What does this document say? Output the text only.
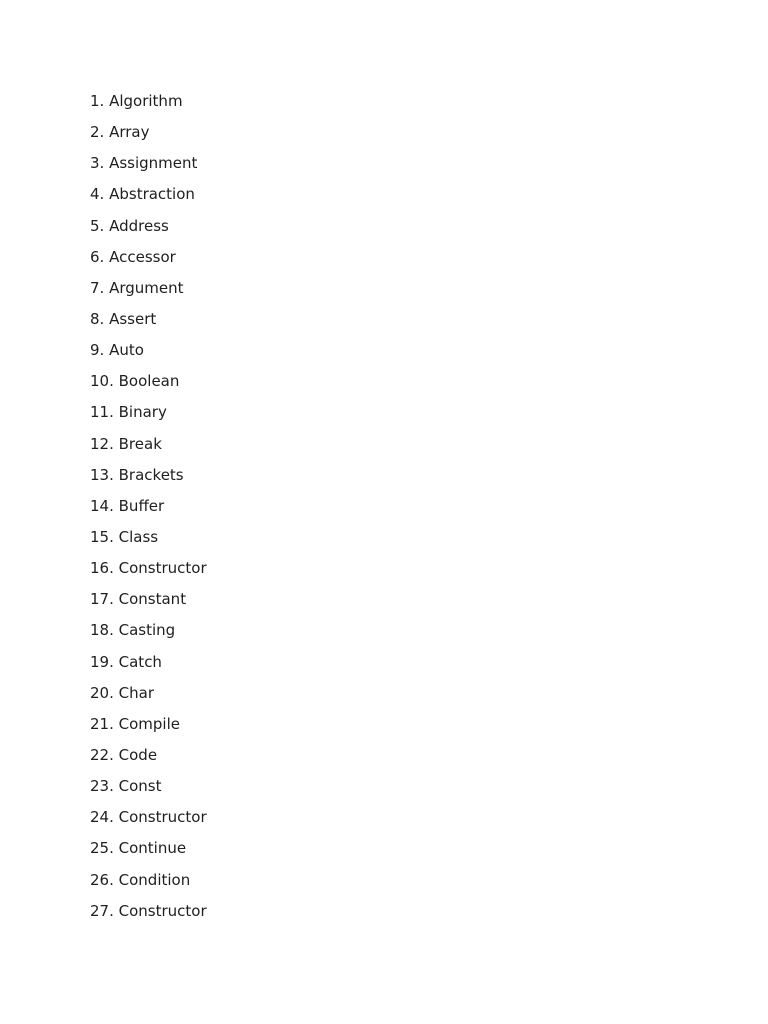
1. Algorithm
2. Array
3. Assignment
4. Abstraction
5. Address
6. Accessor
7. Argument
8. Assert
9. Auto
10. Boolean
11. Binary
12. Break
13. Brackets
14. Buffer
15. Class
16. Constructor
17. Constant
18. Casting
19. Catch
20. Char
21. Compile
22. Code
23. Const
24. Constructor
25. Continue
26. Condition
27. Constructor
